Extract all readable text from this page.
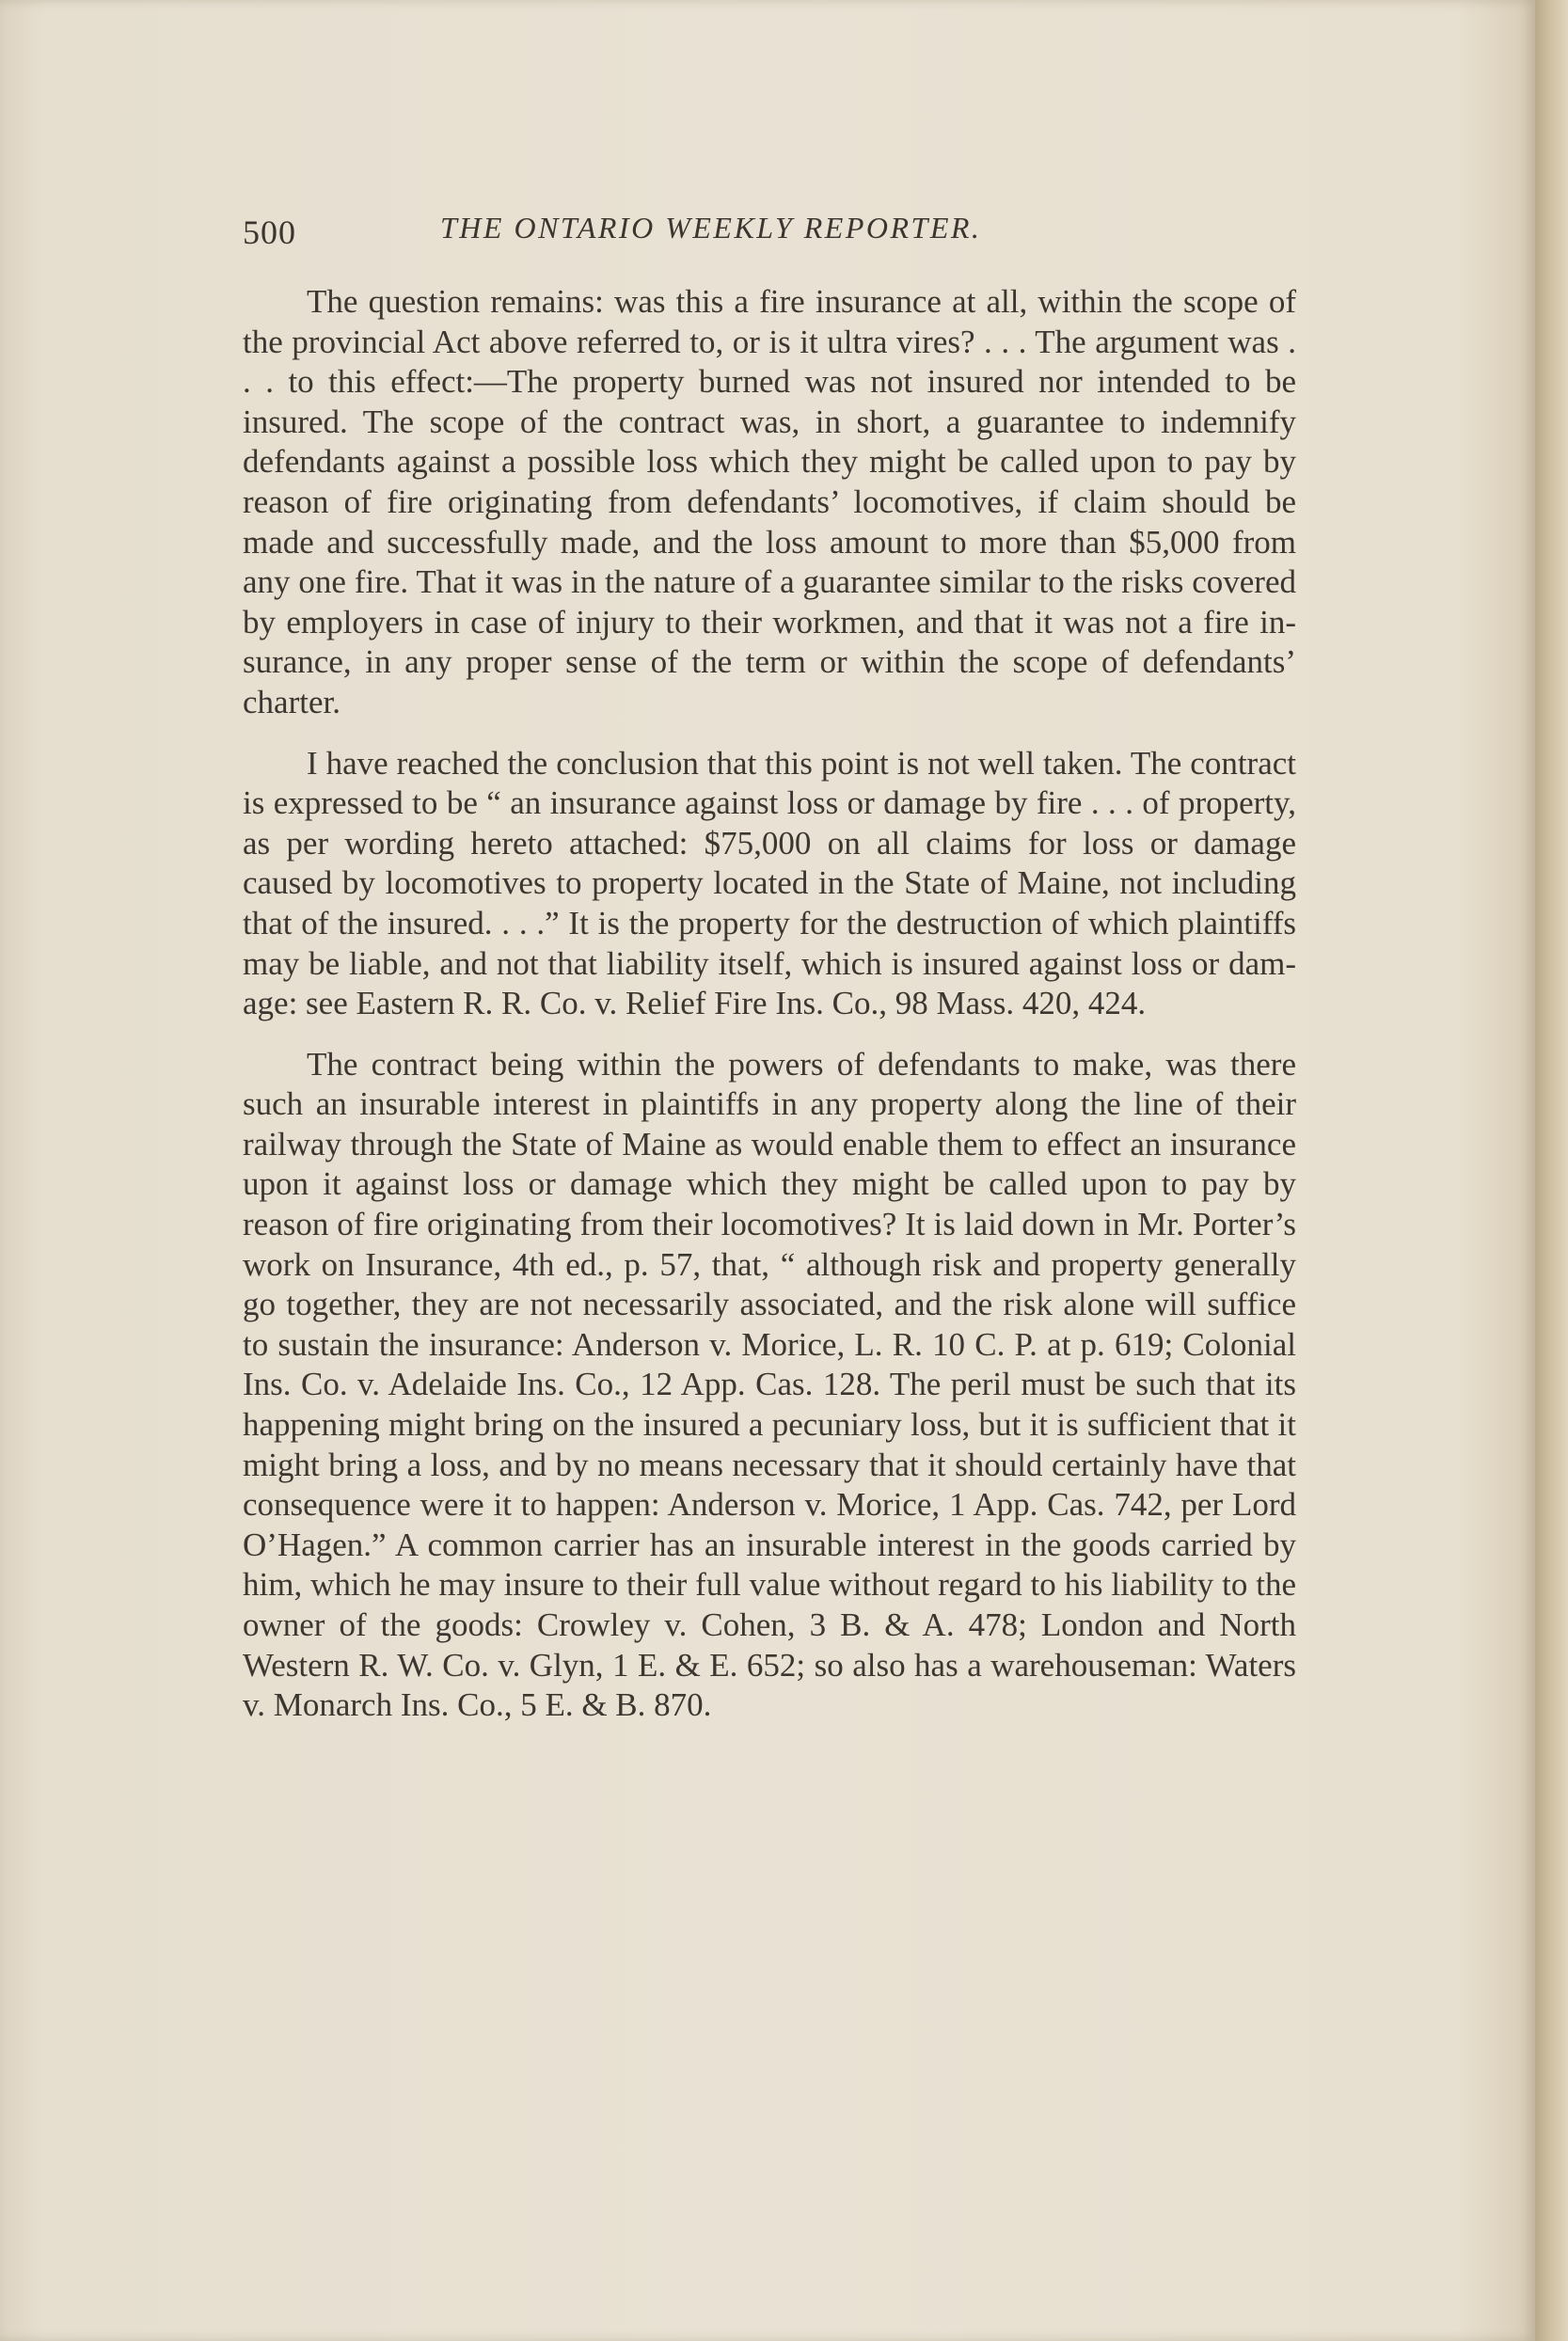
500	THE ONTARIO WEEKLY REPORTER.

The question remains: was this a fire insurance at all, within the scope of the provincial Act above referred to, or is it ultra vires? . . . The argument was . . . to this effect:—The property burned was not insured nor intended to be insured. The scope of the contract was, in short, a guarantee to indemnify defendants against a possible loss which they might be called upon to pay by reason of fire originating from defendants’ locomotives, if claim should be made and successfully made, and the loss amount to more than $5,000 from any one fire. That it was in the nature of a guarantee similar to the risks covered by employers in case of injury to their workmen, and that it was not a fire insurance, in any proper sense of the term or within the scope of defendants’ charter.

I have reached the conclusion that this point is not well taken. The contract is expressed to be “ an insurance against loss or damage by fire . . . of property, as per wording hereto attached: $75,000 on all claims for loss or damage caused by locomotives to property located in the State of Maine, not including that of the insured. . . .” It is the property for the destruction of which plaintiffs may be liable, and not that liability itself, which is insured against loss or damage: see Eastern R. R. Co. v. Relief Fire Ins. Co., 98 Mass. 420, 424.

The contract being within the powers of defendants to make, was there such an insurable interest in plaintiffs in any property along the line of their railway through the State of Maine as would enable them to effect an insurance upon it against loss or damage which they might be called upon to pay by reason of fire originating from their locomotives? It is laid down in Mr. Porter’s work on Insurance, 4th ed., p. 57, that, “ although risk and property generally go together, they are not necessarily associated, and the risk alone will suffice to sustain the insurance: Anderson v. Morice, L. R. 10 C. P. at p. 619; Colonial Ins. Co. v. Adelaide Ins. Co., 12 App. Cas. 128. The peril must be such that its happening might bring on the insured a pecuniary loss, but it is sufficient that it might bring a loss, and by no means necessary that it should certainly have that consequence were it to happen: Anderson v. Morice, 1 App. Cas. 742, per Lord O’Hagen.” A common carrier has an insurable interest in the goods carried by him, which he may insure to their full value without regard to his liability to the owner of the goods: Crowley v. Cohen, 3 B. & A. 478; London and North Western R. W. Co. v. Glyn, 1 E. & E. 652; so also has a warehouseman: Waters v. Monarch Ins. Co., 5 E. & B. 870.
